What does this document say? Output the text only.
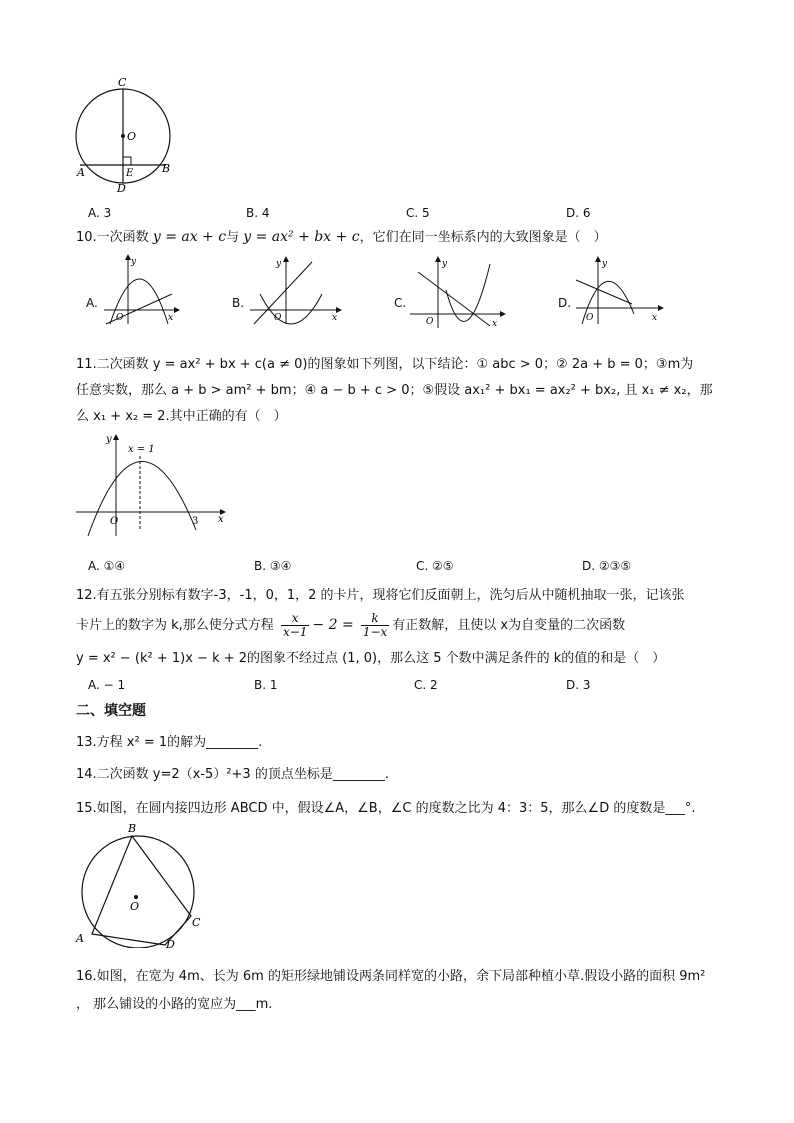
C
O
A	B
D
E
A. 3	B. 4	C. 5	D. 6
10.一次函数 y = ax + c与 y = ax² + bx + c，它们在同一坐标系内的大致图象是（　）
A.
y
x
O
B.
y
x
O
C.
y
x
O
D.
y
x
O
11.二次函数 y = ax² + bx + c(a ≠ 0)的图象如下列图，以下结论：① abc > 0；② 2a + b = 0；③m为
任意实数，那么 a + b > am² + bm；④ a − b + c > 0；⑤假设 ax₁² + bx₁ = ax₂² + bx₂, 且 x₁ ≠ x₂，那
么 x₁ + x₂ = 2.其中正确的有（　）
y
x = 1
x
O	3
A. ①④	B. ③④	C. ②⑤	D. ②③⑤
12.有五张分别标有数字-3，-1，0，1，2 的卡片，现将它们反面朝上，洗匀后从中随机抽取一张，记该张
卡片上的数字为 k,那么使分式方程 $\frac{x}{x-1} - 2 = \frac{k}{1-x}$ 有正数解，且使以 x为自变量的二次函数
y = x² − (k² + 1)x − k + 2的图象不经过点 (1, 0)，那么这 5 个数中满足条件的 k的值的和是（　）
A. − 1	B. 1	C. 2	D. 3
二、填空题
13.方程 x² = 1的解为________.
14.二次函数 y=2（x-5）²+3 的顶点坐标是________.
15.如图，在圆内接四边形 ABCD 中，假设∠A，∠B，∠C 的度数之比为 4：3：5，那么∠D 的度数是___°.
B
O
A
C
D
16.如图，在宽为 4m、长为 6m 的矩形绿地铺设两条同样宽的小路，余下局部种植小草.假设小路的面积 9m²
， 那么铺设的小路的宽应为___m.
